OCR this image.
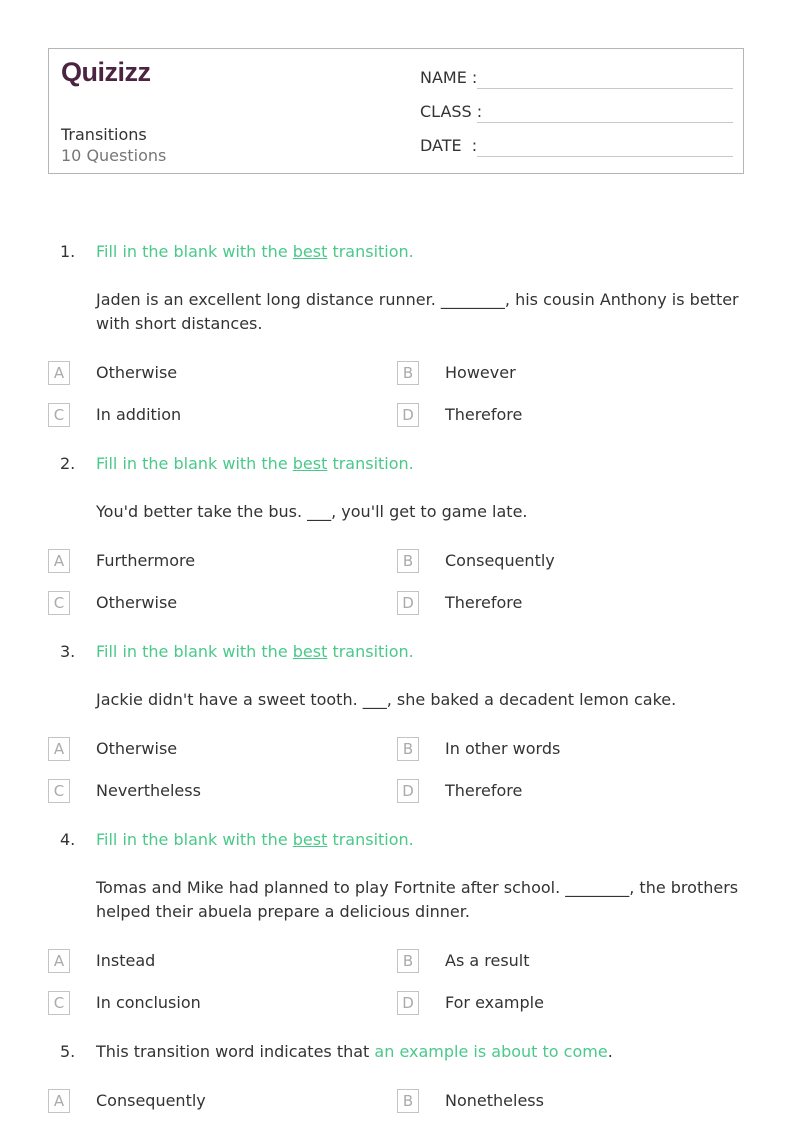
Quizizz
Transitions
10 Questions
NAME :
CLASS :
DATE  :
1. Fill in the blank with the best transition.
Jaden is an excellent long distance runner. ________, his cousin Anthony is better with short distances.
A	Otherwise	B	However
C	In addition	D	Therefore
2. Fill in the blank with the best transition.
You'd better take the bus. ___, you'll get to game late.
A	Furthermore	B	Consequently
C	Otherwise	D	Therefore
3. Fill in the blank with the best transition.
Jackie didn't have a sweet tooth. ___, she baked a decadent lemon cake.
A	Otherwise	B	In other words
C	Nevertheless	D	Therefore
4. Fill in the blank with the best transition.
Tomas and Mike had planned to play Fortnite after school. ________, the brothers helped their abuela prepare a delicious dinner.
A	Instead	B	As a result
C	In conclusion	D	For example
5. This transition word indicates that an example is about to come.
A	Consequently	B	Nonetheless
